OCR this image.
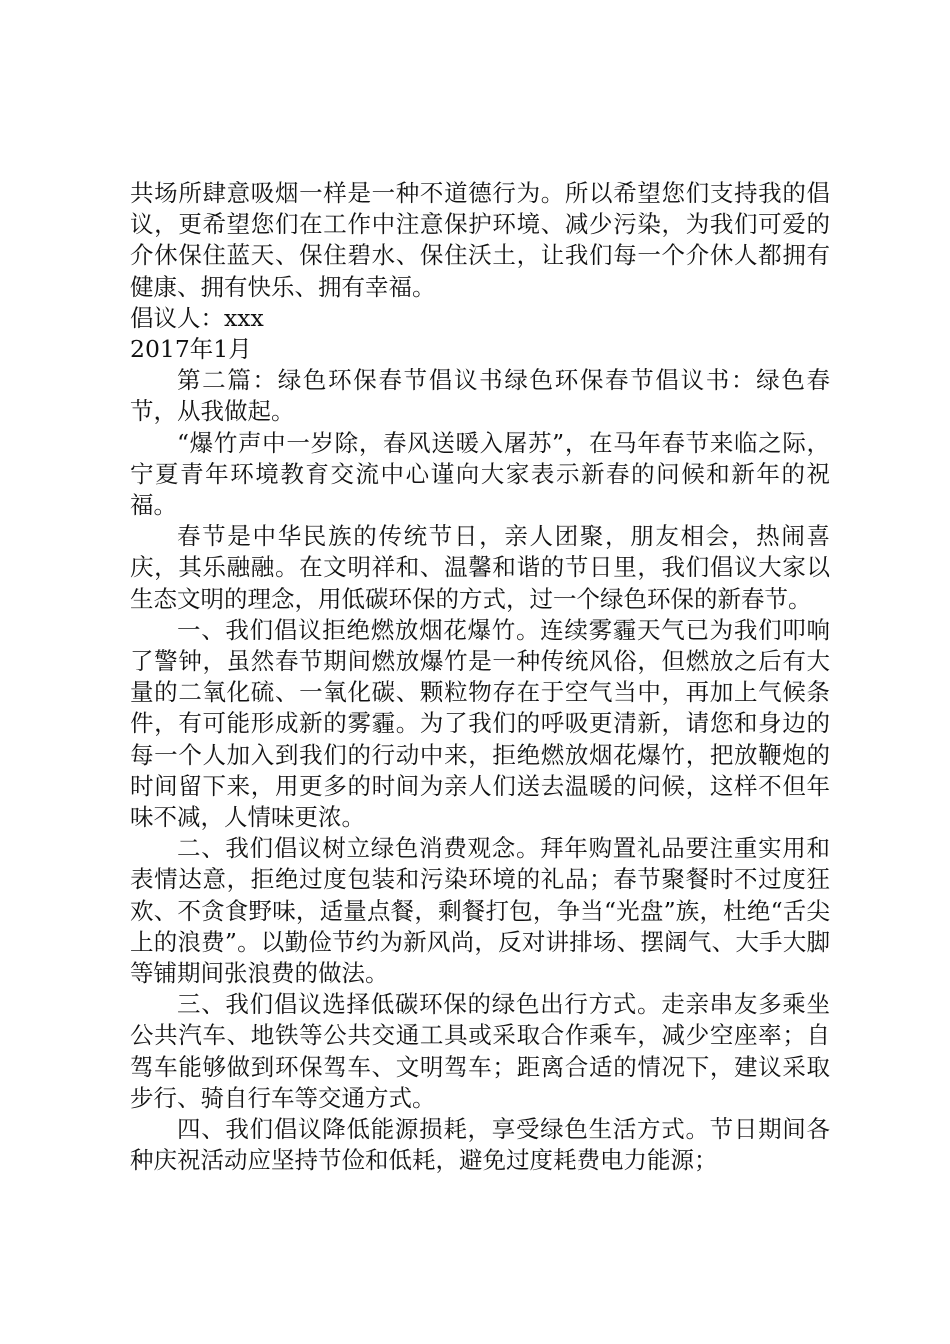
共场所肆意吸烟一样是一种不道德行为。所以希望您们支持我的倡议，更希望您们在工作中注意保护环境、减少污染，为我们可爱的介休保住蓝天、保住碧水、保住沃土，让我们每一个介休人都拥有健康、拥有快乐、拥有幸福。

倡议人：xxx

2017年1月

第二篇：绿色环保春节倡议书绿色环保春节倡议书：绿色春节，从我做起。

“爆竹声中一岁除，春风送暖入屠苏”，在马年春节来临之际，宁夏青年环境教育交流中心谨向大家表示新春的问候和新年的祝福。

春节是中华民族的传统节日，亲人团聚，朋友相会，热闹喜庆，其乐融融。在文明祥和、温馨和谐的节日里，我们倡议大家以生态文明的理念，用低碳环保的方式，过一个绿色环保的新春节。

一、我们倡议拒绝燃放烟花爆竹。连续雾霾天气已为我们叩响了警钟，虽然春节期间燃放爆竹是一种传统风俗，但燃放之后有大量的二氧化硫、一氧化碳、颗粒物存在于空气当中，再加上气候条件，有可能形成新的雾霾。为了我们的呼吸更清新，请您和身边的每一个人加入到我们的行动中来，拒绝燃放烟花爆竹，把放鞭炮的时间留下来，用更多的时间为亲人们送去温暖的问候，这样不但年味不减，人情味更浓。

二、我们倡议树立绿色消费观念。拜年购置礼品要注重实用和表情达意，拒绝过度包装和污染环境的礼品；春节聚餐时不过度狂欢、不贪食野味，适量点餐，剩餐打包，争当“光盘”族，杜绝“舌尖上的浪费”。以勤俭节约为新风尚，反对讲排场、摆阔气、大手大脚等铺期间张浪费的做法。

三、我们倡议选择低碳环保的绿色出行方式。走亲串友多乘坐公共汽车、地铁等公共交通工具或采取合作乘车，减少空座率；自驾车能够做到环保驾车、文明驾车；距离合适的情况下，建议采取步行、骑自行车等交通方式。

四、我们倡议降低能源损耗，享受绿色生活方式。节日期间各种庆祝活动应坚持节俭和低耗，避免过度耗费电力能源；
